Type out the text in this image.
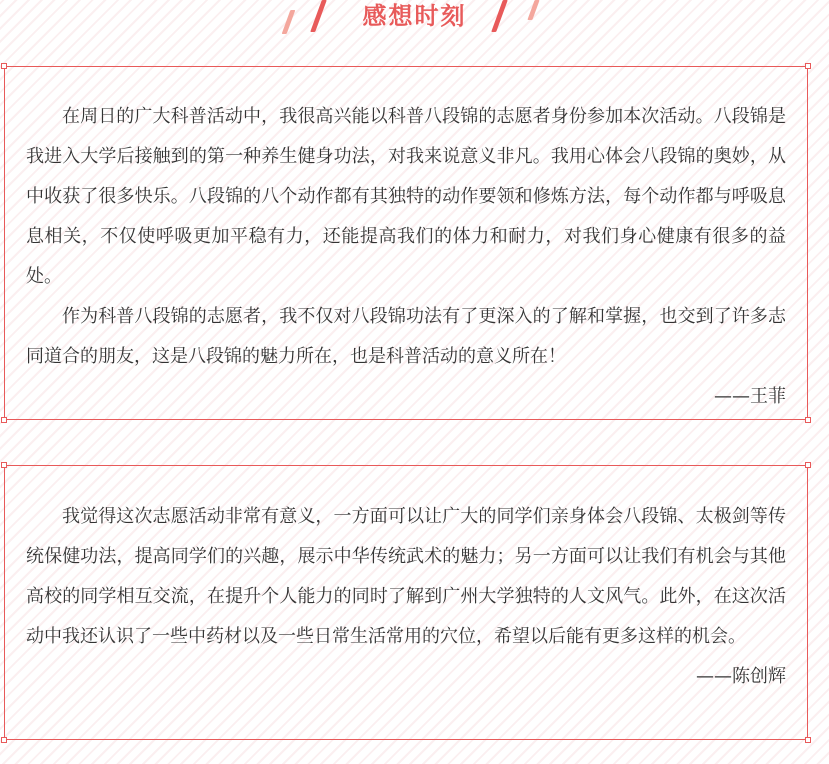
感想时刻

在周日的广大科普活动中，我很高兴能以科普八段锦的志愿者身份参加本次活动。八段锦是我进入大学后接触到的第一种养生健身功法，对我来说意义非凡。我用心体会八段锦的奥妙，从中收获了很多快乐。八段锦的八个动作都有其独特的动作要领和修炼方法，每个动作都与呼吸息息相关，不仅使呼吸更加平稳有力，还能提高我们的体力和耐力，对我们身心健康有很多的益处。

作为科普八段锦的志愿者，我不仅对八段锦功法有了更深入的了解和掌握，也交到了许多志同道合的朋友，这是八段锦的魅力所在，也是科普活动的意义所在！

——王菲

我觉得这次志愿活动非常有意义，一方面可以让广大的同学们亲身体会八段锦、太极剑等传统保健功法，提高同学们的兴趣，展示中华传统武术的魅力；另一方面可以让我们有机会与其他高校的同学相互交流，在提升个人能力的同时了解到广州大学独特的人文风气。此外，在这次活动中我还认识了一些中药材以及一些日常生活常用的穴位，希望以后能有更多这样的机会。

——陈创辉
